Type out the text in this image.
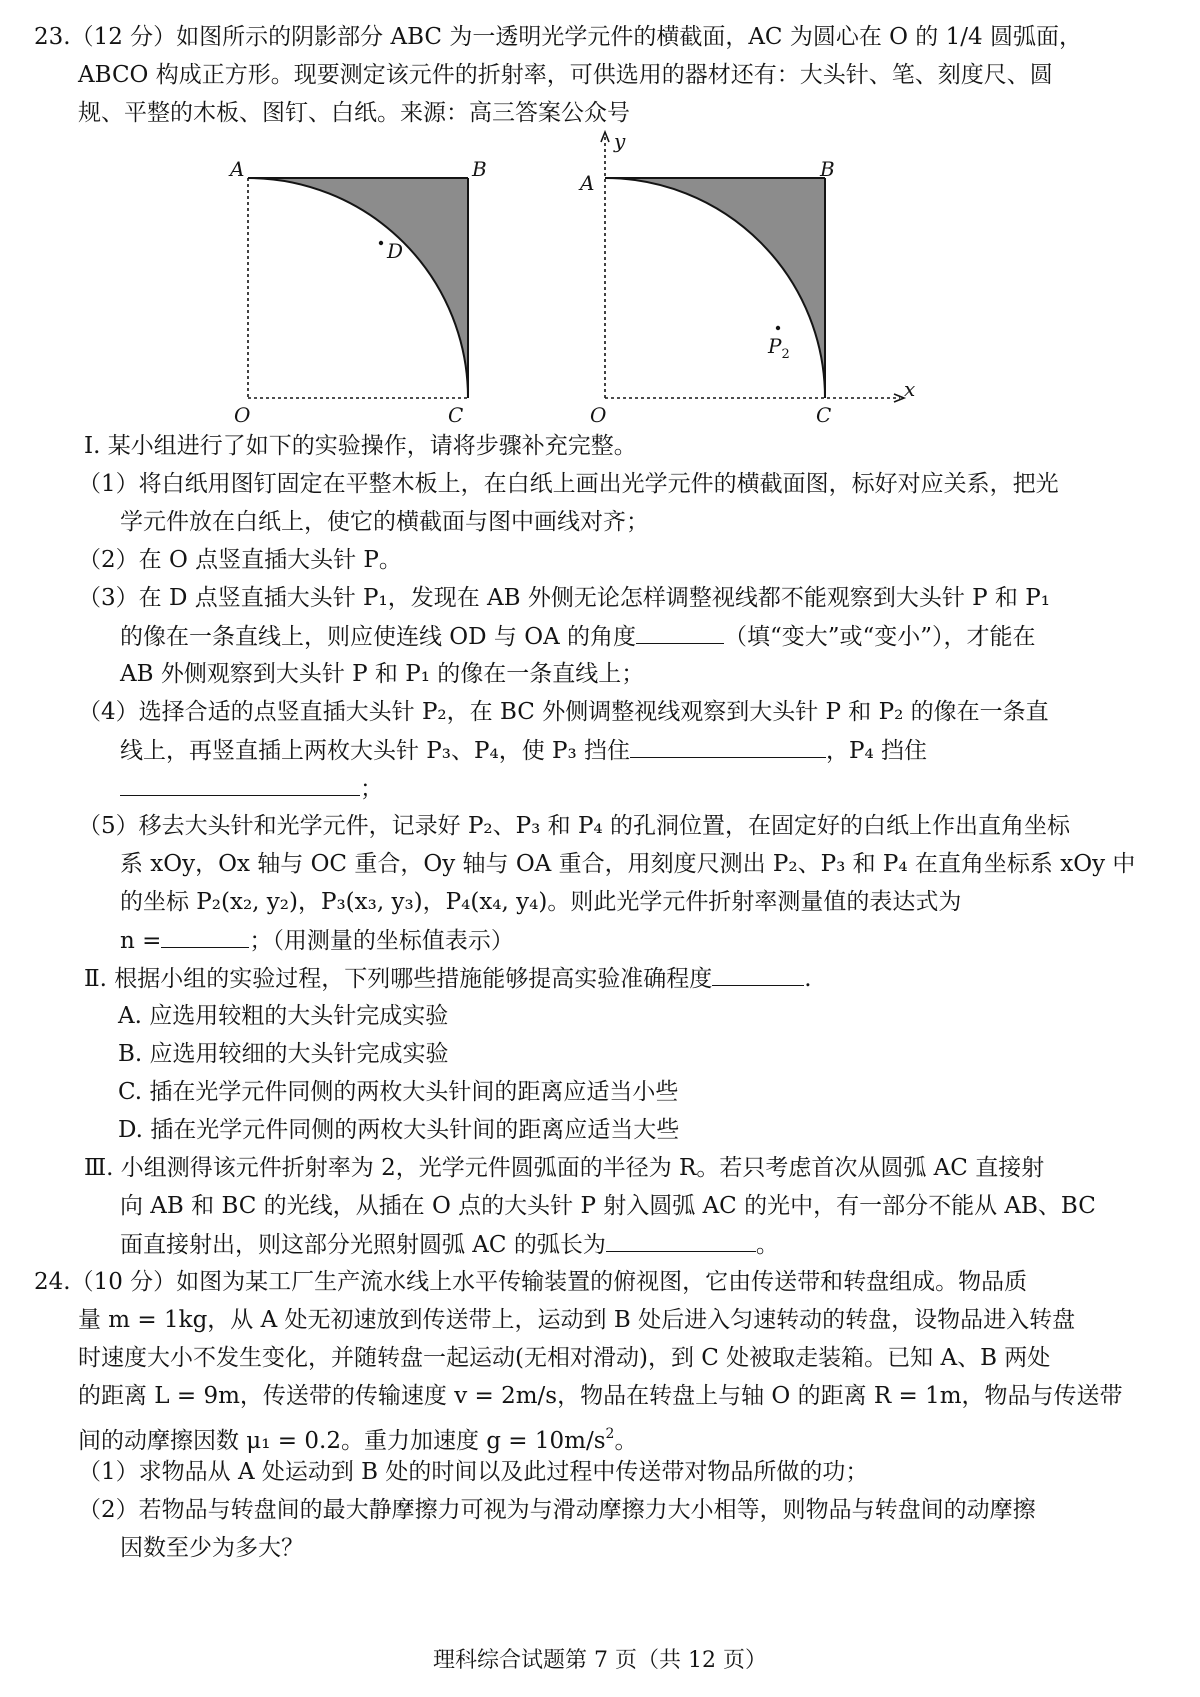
23.（12 分）如图所示的阴影部分 ABC 为一透明光学元件的横截面，AC 为圆心在 O 的 1/4 圆弧面，
ABCO 构成正方形。现要测定该元件的折射率，可供选用的器材还有：大头针、笔、刻度尺、圆
规、平整的木板、图钉、白纸。来源：高三答案公众号
A	B
D
O	C
y
A
B
$P_2$
O	C
x
Ⅰ. 某小组进行了如下的实验操作，请将步骤补充完整。
（1）将白纸用图钉固定在平整木板上，在白纸上画出光学元件的横截面图，标好对应关系，把光
学元件放在白纸上，使它的横截面与图中画线对齐；
（2）在 O 点竖直插大头针 P。
（3）在 D 点竖直插大头针 P₁，发现在 AB 外侧无论怎样调整视线都不能观察到大头针 P 和 P₁
的像在一条直线上，则应使连线 OD 与 OA 的角度	（填“变大”或“变小”），才能在
AB 外侧观察到大头针 P 和 P₁ 的像在一条直线上；
（4）选择合适的点竖直插大头针 P₂，在 BC 外侧调整视线观察到大头针 P 和 P₂ 的像在一条直
线上，再竖直插上两枚大头针 P₃、P₄，使 P₃ 挡住	，P₄ 挡住
；
（5）移去大头针和光学元件，记录好 P₂、P₃ 和 P₄ 的孔洞位置，在固定好的白纸上作出直角坐标
系 xOy，Ox 轴与 OC 重合，Oy 轴与 OA 重合，用刻度尺测出 P₂、P₃ 和 P₄ 在直角坐标系 xOy 中
的坐标 P₂(x₂, y₂)，P₃(x₃, y₃)，P₄(x₄, y₄)。则此光学元件折射率测量值的表达式为
n =	；（用测量的坐标值表示）
Ⅱ. 根据小组的实验过程，下列哪些措施能够提高实验准确程度	.
A. 应选用较粗的大头针完成实验
B. 应选用较细的大头针完成实验
C. 插在光学元件同侧的两枚大头针间的距离应适当小些
D. 插在光学元件同侧的两枚大头针间的距离应适当大些
Ⅲ. 小组测得该元件折射率为 2，光学元件圆弧面的半径为 R。若只考虑首次从圆弧 AC 直接射
向 AB 和 BC 的光线，从插在 O 点的大头针 P 射入圆弧 AC 的光中，有一部分不能从 AB、BC
面直接射出，则这部分光照射圆弧 AC 的弧长为	。
24.（10 分）如图为某工厂生产流水线上水平传输装置的俯视图，它由传送带和转盘组成。物品质
量 m = 1kg，从 A 处无初速放到传送带上，运动到 B 处后进入匀速转动的转盘，设物品进入转盘
时速度大小不发生变化，并随转盘一起运动(无相对滑动)，到 C 处被取走装箱。已知 A、B 两处
的距离 L = 9m，传送带的传输速度 v = 2m/s，物品在转盘上与轴 O 的距离 R = 1m，物品与传送带
间的动摩擦因数 μ₁ = 0.2。重力加速度 $g = 10m/s^2$。
（1）求物品从 A 处运动到 B 处的时间以及此过程中传送带对物品所做的功；
（2）若物品与转盘间的最大静摩擦力可视为与滑动摩擦力大小相等，则物品与转盘间的动摩擦
因数至少为多大？
理科综合试题第 7 页（共 12 页）
